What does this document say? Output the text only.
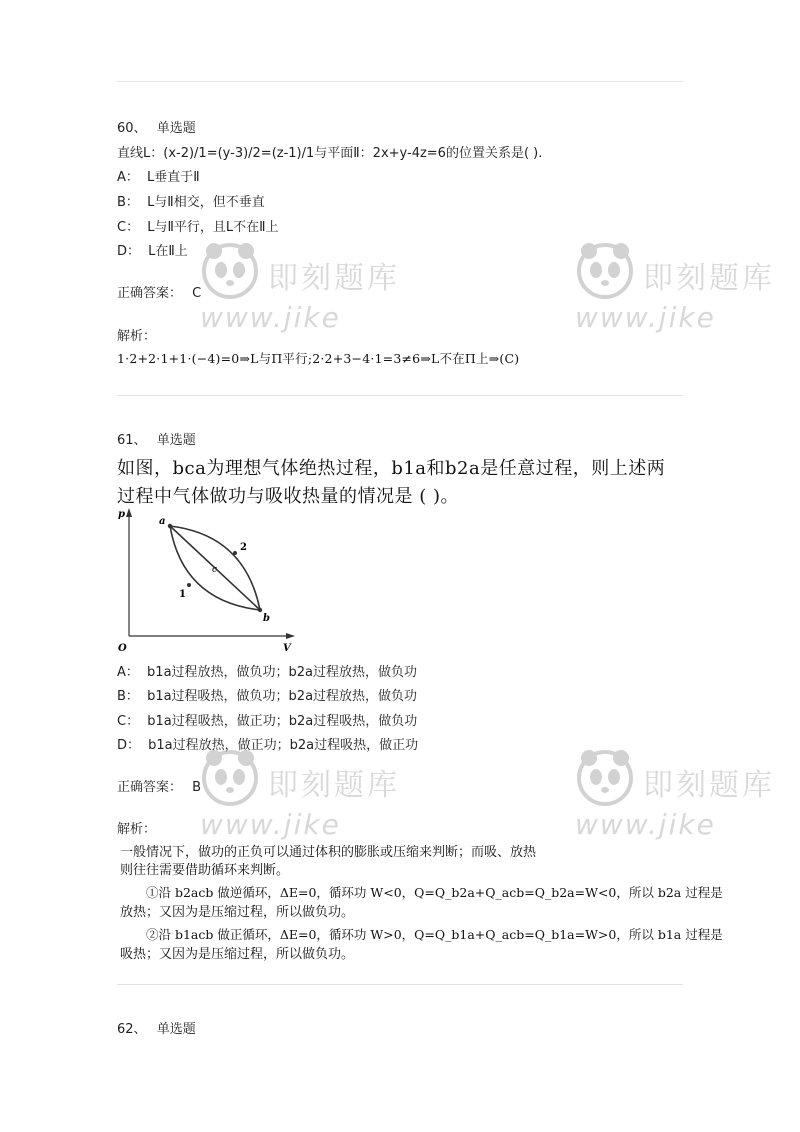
60、 单选题
直线L：(x-2)/1=(y-3)/2=(z-1)/1与平面Ⅱ：2x+y-4z=6的位置关系是( ).
A： L垂直于Ⅱ
B： L与Ⅱ相交，但不垂直
C： L与Ⅱ平行，且L不在Ⅱ上
D： L在Ⅱ上
正确答案： C
解析：
1·2+2·1+1·(−4)=0⇒L与Π平行;2·2+3−4·1=3≠6⇒L不在Π上⇒(C)
61、 单选题
如图，bca为理想气体绝热过程，b1a和b2a是任意过程，则上述两
过程中气体做功与吸收热量的情况是 ( )。
p
V
O
a
b
c
1
2
A： b1a过程放热，做负功；b2a过程放热，做负功
B： b1a过程吸热，做负功；b2a过程放热，做负功
C： b1a过程吸热，做正功；b2a过程吸热，做负功
D： b1a过程放热，做正功；b2a过程吸热，做正功
正确答案： B
解析：
一般情况下，做功的正负可以通过体积的膨胀或压缩来判断；而吸、放热
则往往需要借助循环来判断。
①沿 b2acb 做逆循环，ΔE=0，循环功 W<0，Q=Q_b2a+Q_acb=Q_b2a=W<0，所以 b2a 过程是
放热；又因为是压缩过程，所以做负功。
②沿 b1acb 做正循环，ΔE=0，循环功 W>0，Q=Q_b1a+Q_acb=Q_b1a=W>0，所以 b1a 过程是
吸热；又因为是压缩过程，所以做负功。
62、 单选题
即刻题库
www.jike
即刻题库
www.jike
即刻题库
www.jike
即刻题库
www.jike
